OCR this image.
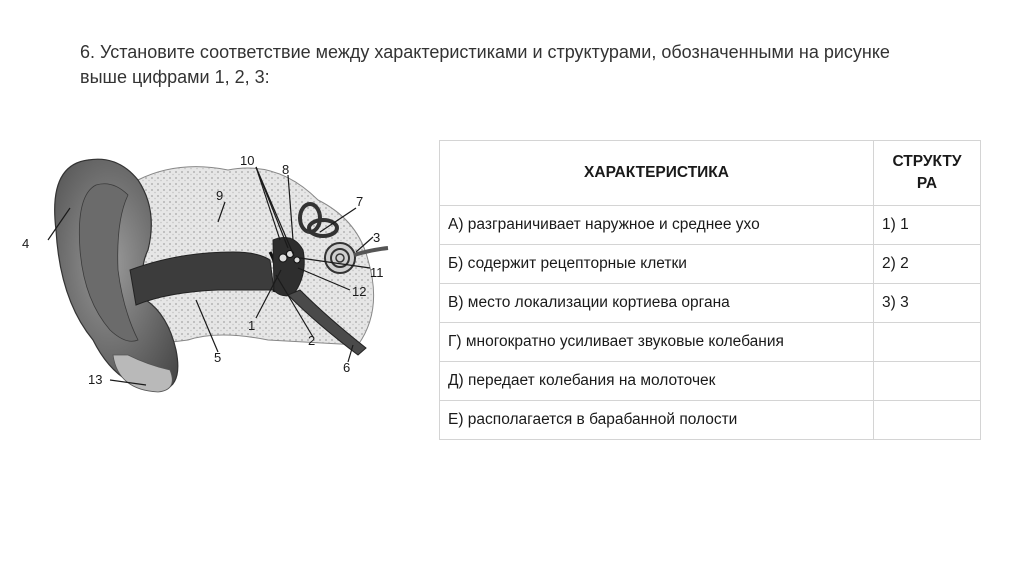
6. Установите соответствие между характеристиками и структурами, обозначенными на рисунке выше цифрами 1, 2, 3:
4
9
10
8
7
3
11
12
1
2
5
6
13
ХАРАКТЕРИСТИКА	СТРУКТУРА
А) разграничивает наружное и среднее ухо	1) 1
Б) содержит рецепторные клетки	2) 2
В) место локализации кортиева органа	3) 3
Г) многократно усиливает звуковые колебания	
Д) передает колебания на молоточек	
Е) располагается в барабанной полости	
